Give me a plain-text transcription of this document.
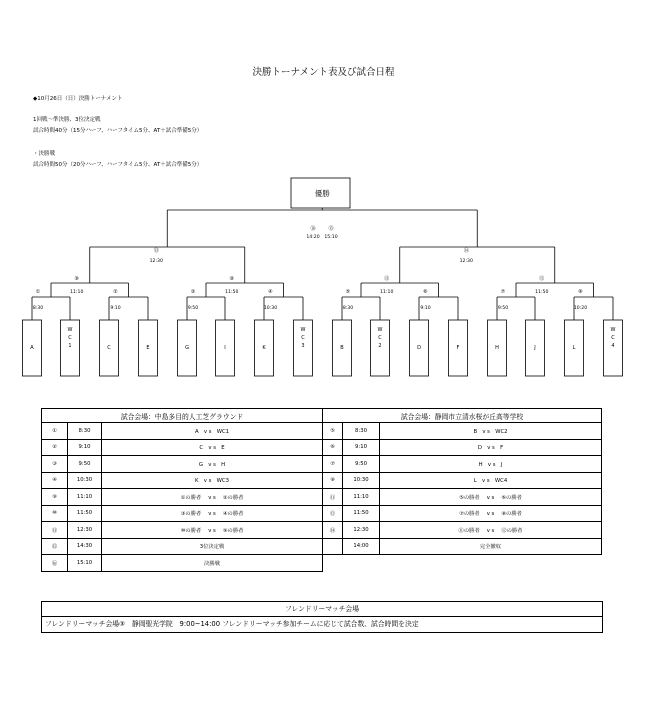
決勝トーナメント表及び試合日程
◆10月26日（日）決勝トーナメント
1回戦～準決勝、3位決定戦
試合時間40分（15分ハーフ、ハーフタイム5分、AT＋試合準備5分）
・決勝戦
試合時間50分（20分ハーフ、ハーフタイム5分、AT＋試合準備5分）
A
W C 1	C	E	G	I	K
W C 3	B
W C 2	D	F	H	J	L
W C 4
①
8:30
②
9:10
③
9:50
④
10:30
⑤
8:30
⑥
9:10
⑦
9:50
⑧
10:20
⑨
11:10
⑩
11:50
⑪
11:10
⑫
11:50
⑬
12:30
⑭
12:30
優勝
⑯	⑮
14:20 15:10
試合会場：中島多目的人工芝グラウンド		
①	8:30	A　v s　WC1
②	9:10	C　v s　E
③	9:50	G　v s　H
④	10:30	K　v s　WC3
⑨	11:10	①の勝者　 v s 　②の勝者
⑩	11:50	③の勝者　 v s 　④の勝者
⑬	12:30	⑩の勝者　 v s 　⑨の勝者
⑮	14:30	3位決定戦
⑯	15:10	決勝戦
試合会場：静岡市立清水桜が丘高等学校		
⑤	8:30	B　v s　WC2
⑥	9:10	D　v s　F
⑦	9:50	H　v s　J
⑧	10:30	L　v s　WC4
⑪	11:10	⑤の勝者　 v s 　⑥の勝者
⑫	11:50	⑦の勝者　 v s 　⑧の勝者
⑭	12:30	⑪の勝者　 v s 　⑫の勝者
	14:00	完全撤収
フレンドリーマッチ会場
フレンドリーマッチ会場③　静岡聖光学院　9:00~14:00 フレンドリーマッチ参加チームに応じて試合数、試合時間を決定
